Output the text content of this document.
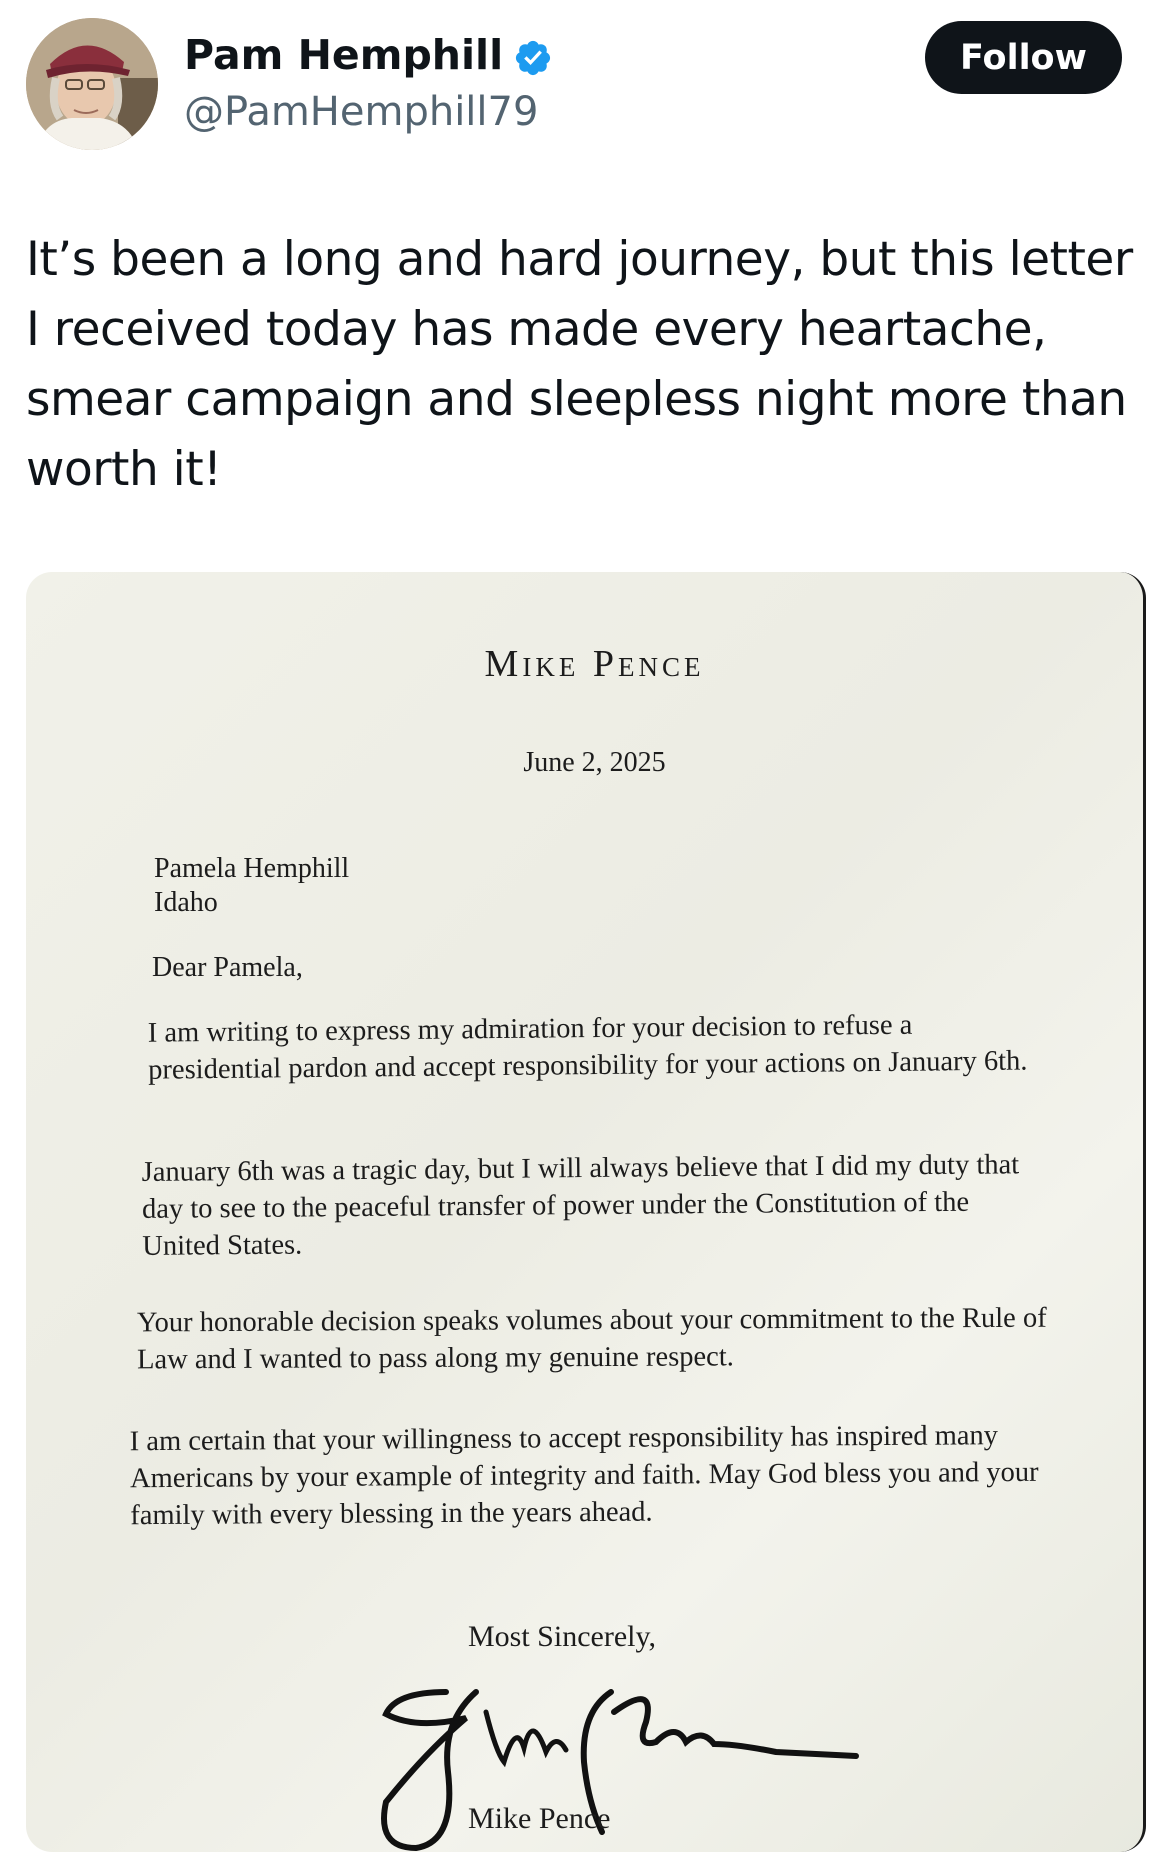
Pam Hemphill
@PamHemphill79
Follow
It’s been a long and hard journey, but this letter I received today has made every heartache, smear campaign and sleepless night more than worth it!
Mike Pence
June 2, 2025
Pamela Hemphill
Idaho
Dear Pamela,
I am writing to express my admiration for your decision to refuse a presidential pardon and accept responsibility for your actions on January 6th.
January 6th was a tragic day, but I will always believe that I did my duty that day to see to the peaceful transfer of power under the Constitution of the United States.
Your honorable decision speaks volumes about your commitment to the Rule of Law and I wanted to pass along my genuine respect.
I am certain that your willingness to accept responsibility has inspired many Americans by your example of integrity and faith. May God bless you and your family with every blessing in the years ahead.
Most Sincerely,
Mike Pence
